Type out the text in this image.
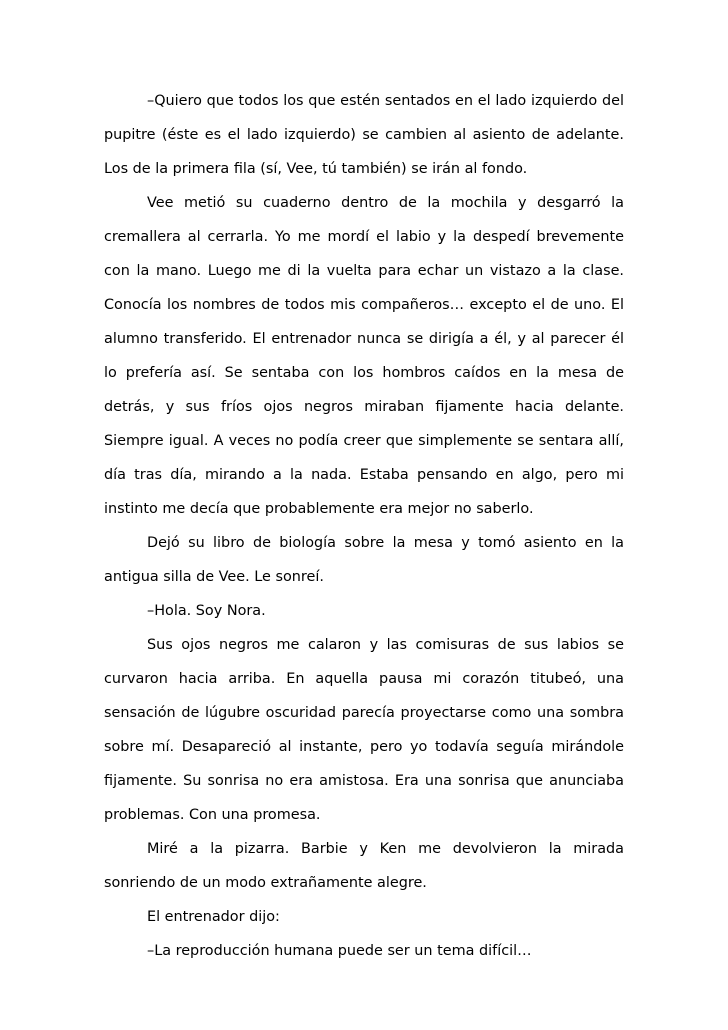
–Quiero que todos los que estén sentados en el lado izquierdo del pupitre (éste es el lado izquierdo) se cambien al asiento de adelante. Los de la primera fila (sí, Vee, tú también) se irán al fondo.

Vee metió su cuaderno dentro de la mochila y desgarró la cremallera al cerrarla. Yo me mordí el labio y la despedí brevemente con la mano. Luego me di la vuelta para echar un vistazo a la clase. Conocía los nombres de todos mis compañeros… excepto el de uno. El alumno transferido. El entrenador nunca se dirigía a él, y al parecer él lo prefería así. Se sentaba con los hombros caídos en la mesa de detrás, y sus fríos ojos negros miraban fijamente hacia delante. Siempre igual. A veces no podía creer que simplemente se sentara allí, día tras día, mirando a la nada. Estaba pensando en algo, pero mi instinto me decía que probablemente era mejor no saberlo.

Dejó su libro de biología sobre la mesa y tomó asiento en la antigua silla de Vee. Le sonreí.

–Hola. Soy Nora.

Sus ojos negros me calaron y las comisuras de sus labios se curvaron hacia arriba. En aquella pausa mi corazón titubeó, una sensación de lúgubre oscuridad parecía proyectarse como una sombra sobre mí. Desapareció al instante, pero yo todavía seguía mirándole fijamente. Su sonrisa no era amistosa. Era una sonrisa que anunciaba problemas. Con una promesa.

Miré a la pizarra. Barbie y Ken me devolvieron la mirada sonriendo de un modo extrañamente alegre.

El entrenador dijo:

–La reproducción humana puede ser un tema difícil…
